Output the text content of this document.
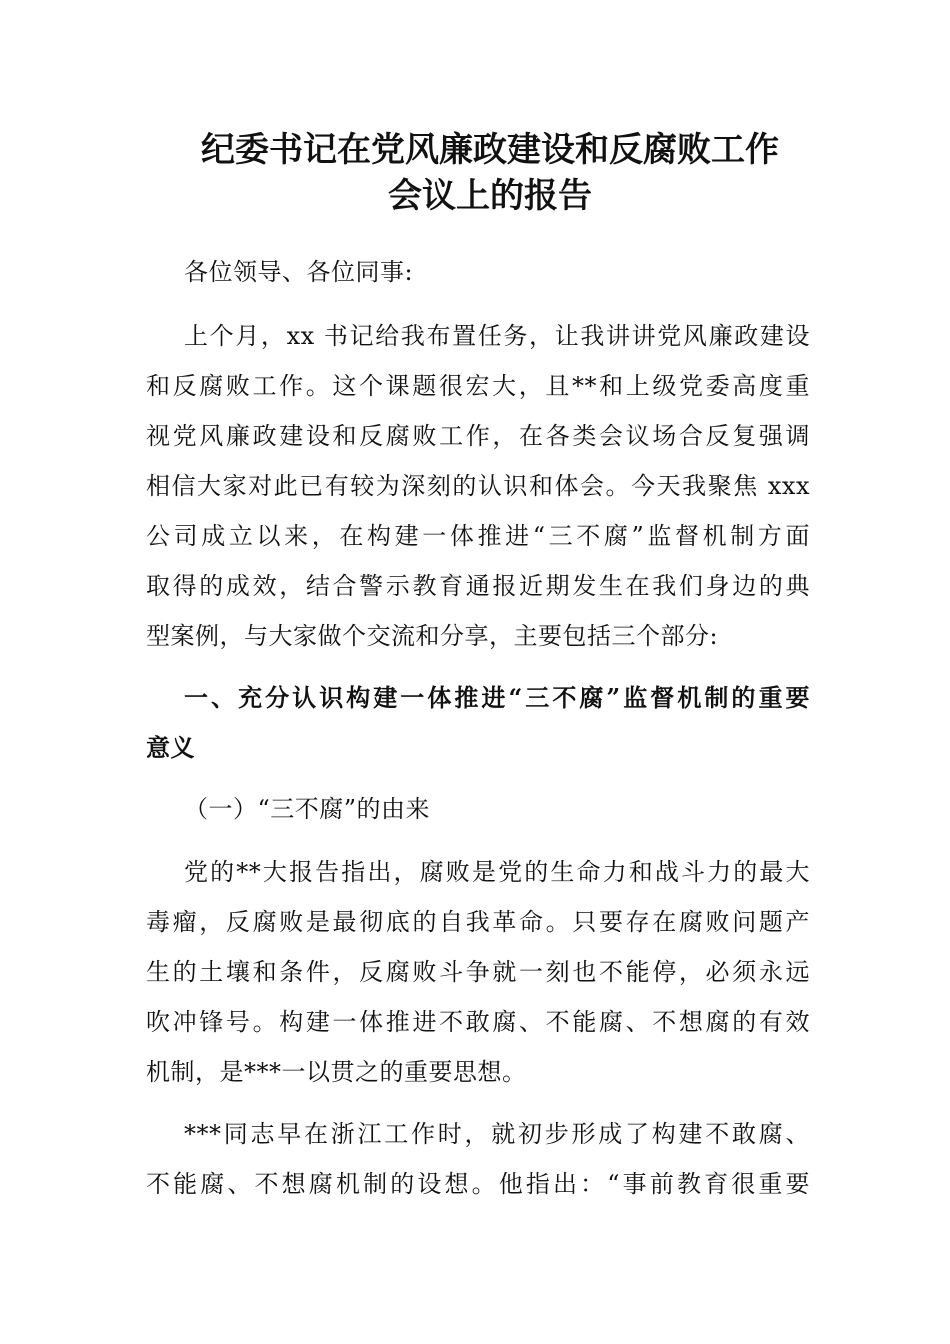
纪委书记在党风廉政建设和反腐败工作
会议上的报告
各位领导、各位同事:
上个月，xx 书记给我布置任务，让我讲讲党风廉政建设
和反腐败工作。这个课题很宏大，且**和上级党委高度重
视党风廉政建设和反腐败工作，在各类会议场合反复强调
相信大家对此已有较为深刻的认识和体会。今天我聚焦 xxx
公司成立以来，在构建一体推进“三不腐”监督机制方面
取得的成效，结合警示教育通报近期发生在我们身边的典
型案例，与大家做个交流和分享，主要包括三个部分:
一、充分认识构建一体推进“三不腐”监督机制的重要
意义
（一）“三不腐”的由来
党的**大报告指出，腐败是党的生命力和战斗力的最大
毒瘤，反腐败是最彻底的自我革命。只要存在腐败问题产
生的土壤和条件，反腐败斗争就一刻也不能停，必须永远
吹冲锋号。构建一体推进不敢腐、不能腐、不想腐的有效
机制，是***一以贯之的重要思想。
***同志早在浙江工作时，就初步形成了构建不敢腐、
不能腐、不想腐机制的设想。他指出：“事前教育很重要
